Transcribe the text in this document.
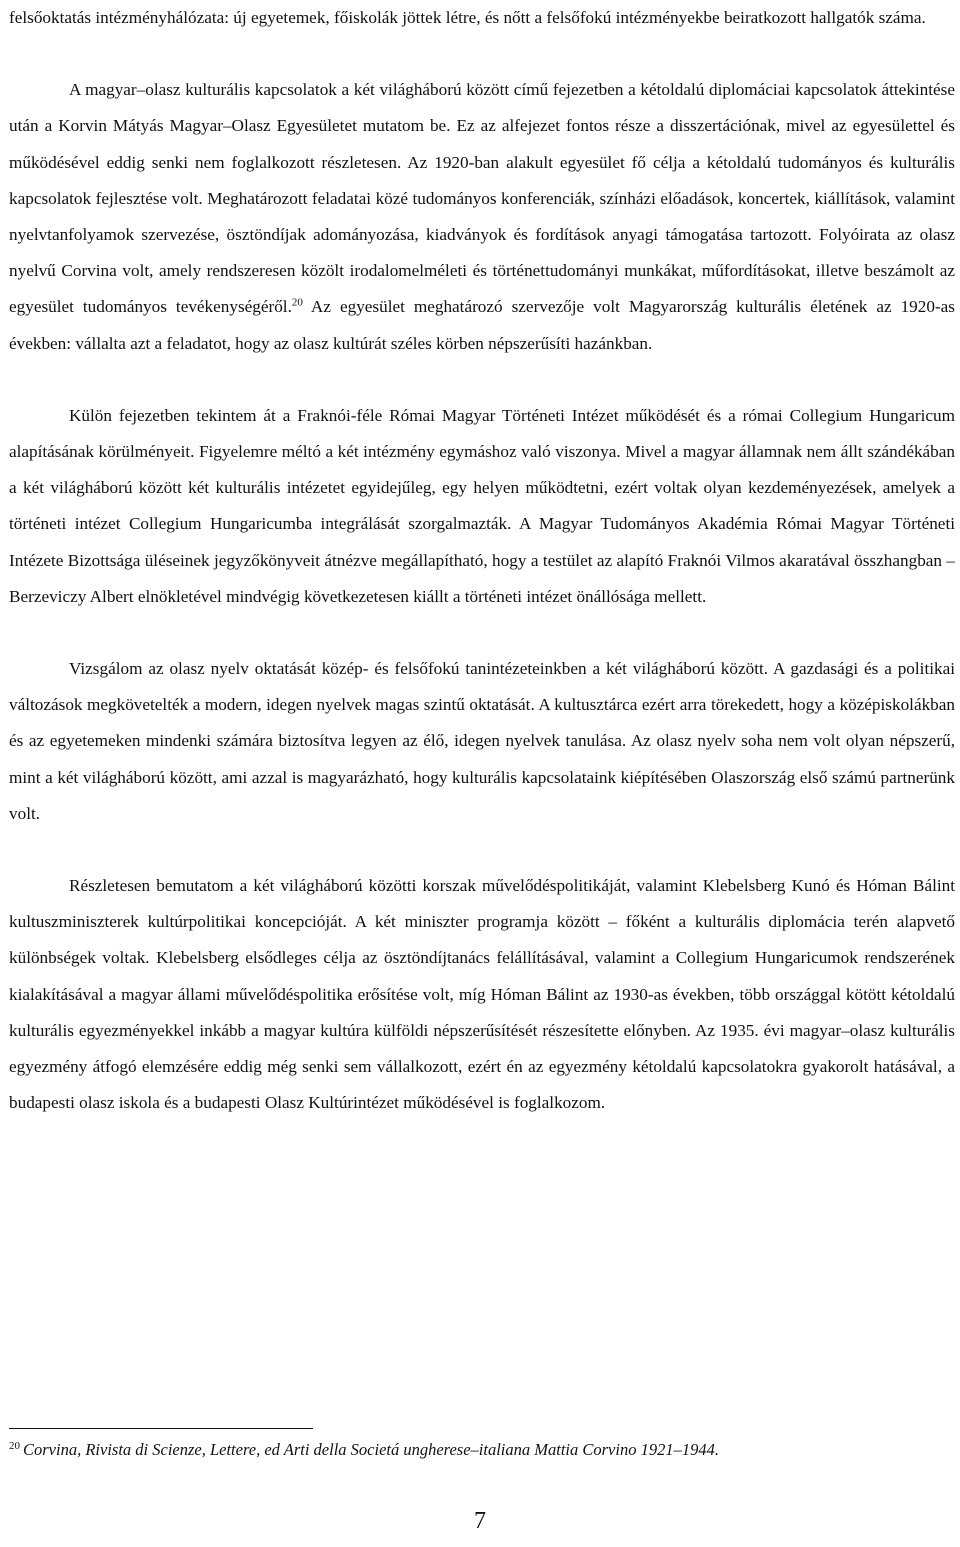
felsőoktatás intézményhálózata: új egyetemek, főiskolák jöttek létre, és nőtt a felsőfokú intézményekbe beiratkozott hallgatók száma.

A magyar–olasz kulturális kapcsolatok a két világháború között című fejezetben a kétoldalú diplomáciai kapcsolatok áttekintése után a Korvin Mátyás Magyar–Olasz Egyesületet mutatom be. Ez az alfejezet fontos része a disszertációnak, mivel az egyesülettel és működésével eddig senki nem foglalkozott részletesen. Az 1920-ban alakult egyesület fő célja a kétoldalú tudományos és kulturális kapcsolatok fejlesztése volt. Meghatározott feladatai közé tudományos konferenciák, színházi előadások, koncertek, kiállítások, valamint nyelvtanfolyamok szervezése, ösztöndíjak adományozása, kiadványok és fordítások anyagi támogatása tartozott. Folyóirata az olasz nyelvű Corvina volt, amely rendszeresen közölt irodalomelméleti és történettudományi munkákat, műfordításokat, illetve beszámolt az egyesület tudományos tevékenységéről.$^{20}$ Az egyesület meghatározó szervezője volt Magyarország kulturális életének az 1920-as években: vállalta azt a feladatot, hogy az olasz kultúrát széles körben népszerűsíti hazánkban.

Külön fejezetben tekintem át a Fraknói-féle Római Magyar Történeti Intézet működését és a római Collegium Hungaricum alapításának körülményeit. Figyelemre méltó a két intézmény egymáshoz való viszonya. Mivel a magyar államnak nem állt szándékában a két világháború között két kulturális intézetet egyidejűleg, egy helyen működtetni, ezért voltak olyan kezdeményezések, amelyek a történeti intézet Collegium Hungaricumba integrálását szorgalmazták. A Magyar Tudományos Akadémia Római Magyar Történeti Intézete Bizottsága üléseinek jegyzőkönyveit átnézve megállapítható, hogy a testület az alapító Fraknói Vilmos akaratával összhangban – Berzeviczy Albert elnökletével mindvégig következetesen kiállt a történeti intézet önállósága mellett.

Vizsgálom az olasz nyelv oktatását közép- és felsőfokú tanintézeteinkben a két világháború között. A gazdasági és a politikai változások megkövetelték a modern, idegen nyelvek magas szintű oktatását. A kultusztárca ezért arra törekedett, hogy a középiskolákban és az egyetemeken mindenki számára biztosítva legyen az élő, idegen nyelvek tanulása. Az olasz nyelv soha nem volt olyan népszerű, mint a két világháború között, ami azzal is magyarázható, hogy kulturális kapcsolataink kiépítésében Olaszország első számú partnerünk volt.

Részletesen bemutatom a két világháború közötti korszak művelődéspolitikáját, valamint Klebelsberg Kunó és Hóman Bálint kultuszminiszterek kultúrpolitikai koncepcióját. A két miniszter programja között – főként a kulturális diplomácia terén alapvető különbségek voltak. Klebelsberg elsődleges célja az ösztöndíjtanács felállításával, valamint a Collegium Hungaricumok rendszerének kialakításával a magyar állami művelődéspolitika erősítése volt, míg Hóman Bálint az 1930-as években, több országgal kötött kétoldalú kulturális egyezményekkel inkább a magyar kultúra külföldi népszerűsítését részesítette előnyben. Az 1935. évi magyar–olasz kulturális egyezmény átfogó elemzésére eddig még senki sem vállalkozott, ezért én az egyezmény kétoldalú kapcsolatokra gyakorolt hatásával, a budapesti olasz iskola és a budapesti Olasz Kultúrintézet működésével is foglalkozom.

$^{20}$ Corvina, Rivista di Scienze, Lettere, ed Arti della Societá ungherese–italiana Mattia Corvino 1921–1944.
7
